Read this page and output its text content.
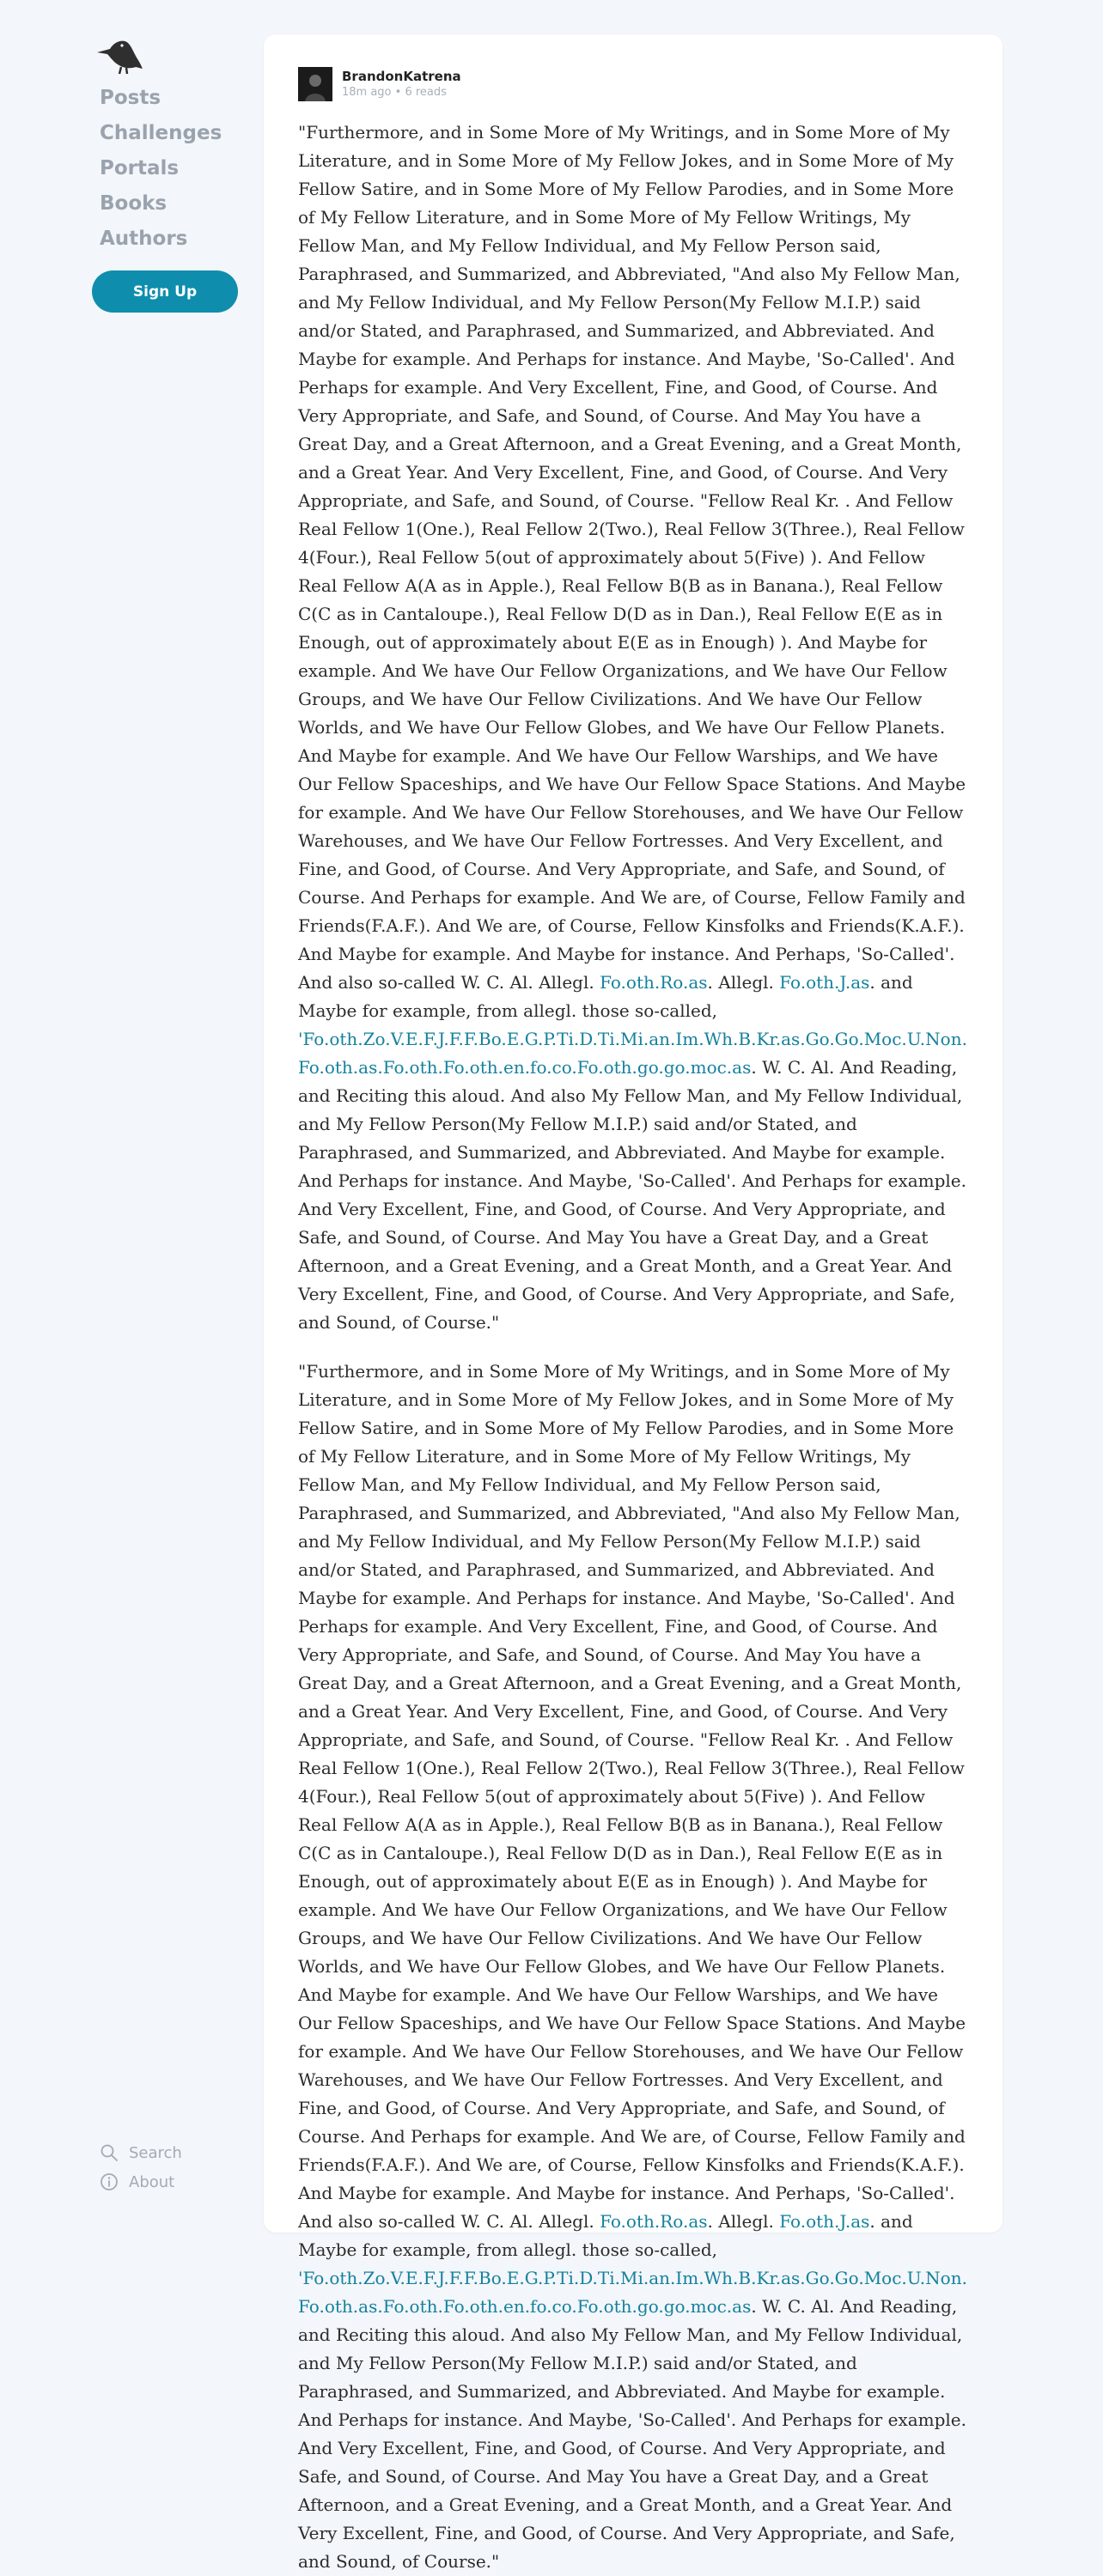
Posts
Challenges
Portals
Books
Authors
Sign Up
Search
About
BrandonKatrena
18m ago • 6 reads

"Furthermore, and in Some More of My Writings, and in Some More of My Literature, and in Some More of My Fellow Jokes, and in Some More of My Fellow Satire, and in Some More of My Fellow Parodies, and in Some More of My Fellow Literature, and in Some More of My Fellow Writings, My Fellow Man, and My Fellow Individual, and My Fellow Person said, Paraphrased, and Summarized, and Abbreviated, "And also My Fellow Man, and My Fellow Individual, and My Fellow Person(My Fellow M.I.P.) said and/or Stated, and Paraphrased, and Summarized, and Abbreviated. And Maybe for example. And Perhaps for instance. And Maybe, 'So-Called'. And Perhaps for example. And Very Excellent, Fine, and Good, of Course. And Very Appropriate, and Safe, and Sound, of Course. And May You have a Great Day, and a Great Afternoon, and a Great Evening, and a Great Month, and a Great Year. And Very Excellent, Fine, and Good, of Course. And Very Appropriate, and Safe, and Sound, of Course. "Fellow Real Kr. . And Fellow Real Fellow 1(One.), Real Fellow 2(Two.), Real Fellow 3(Three.), Real Fellow 4(Four.), Real Fellow 5(out of approximately about 5(Five) ). And Fellow Real Fellow A(A as in Apple.), Real Fellow B(B as in Banana.), Real Fellow C(C as in Cantaloupe.), Real Fellow D(D as in Dan.), Real Fellow E(E as in Enough, out of approximately about E(E as in Enough) ). And Maybe for example. And We have Our Fellow Organizations, and We have Our Fellow Groups, and We have Our Fellow Civilizations. And We have Our Fellow Worlds, and We have Our Fellow Globes, and We have Our Fellow Planets. And Maybe for example. And We have Our Fellow Warships, and We have Our Fellow Spaceships, and We have Our Fellow Space Stations. And Maybe for example. And We have Our Fellow Storehouses, and We have Our Fellow Warehouses, and We have Our Fellow Fortresses. And Very Excellent, and Fine, and Good, of Course. And Very Appropriate, and Safe, and Sound, of Course. And Perhaps for example. And We are, of Course, Fellow Family and Friends(F.A.F.). And We are, of Course, Fellow Kinsfolks and Friends(K.A.F.). And Maybe for example. And Maybe for instance. And Perhaps, 'So-Called'. And also so-called W. C. Al. Allegl. Fo.oth.Ro.as. Allegl. Fo.oth.J.as. and Maybe for example, from allegl. those so-called, 'Fo.oth.Zo.V.E.F.J.F.F.Bo.E.G.P.Ti.D.Ti.Mi.an.Im.Wh.B.Kr.as.Go.Go.Moc.U.Non.Fo.oth.as.Fo.oth.Fo.oth.en.fo.co.Fo.oth.go.go.moc.as. W. C. Al. And Reading, and Reciting this aloud. And also My Fellow Man, and My Fellow Individual, and My Fellow Person(My Fellow M.I.P.) said and/or Stated, and Paraphrased, and Summarized, and Abbreviated. And Maybe for example. And Perhaps for instance. And Maybe, 'So-Called'. And Perhaps for example. And Very Excellent, Fine, and Good, of Course. And Very Appropriate, and Safe, and Sound, of Course. And May You have a Great Day, and a Great Afternoon, and a Great Evening, and a Great Month, and a Great Year. And Very Excellent, Fine, and Good, of Course. And Very Appropriate, and Safe, and Sound, of Course."

"Furthermore, and in Some More of My Writings, and in Some More of My Literature, and in Some More of My Fellow Jokes, and in Some More of My Fellow Satire, and in Some More of My Fellow Parodies, and in Some More of My Fellow Literature, and in Some More of My Fellow Writings, My Fellow Man, and My Fellow Individual, and My Fellow Person said, Paraphrased, and Summarized, and Abbreviated, "And also My Fellow Man, and My Fellow Individual, and My Fellow Person(My Fellow M.I.P.) said and/or Stated, and Paraphrased, and Summarized, and Abbreviated. And Maybe for example. And Perhaps for instance. And Maybe, 'So-Called'. And Perhaps for example. And Very Excellent, Fine, and Good, of Course. And Very Appropriate, and Safe, and Sound, of Course. And May You have a Great Day, and a Great Afternoon, and a Great Evening, and a Great Month, and a Great Year. And Very Excellent, Fine, and Good, of Course. And Very Appropriate, and Safe, and Sound, of Course. "Fellow Real Kr. . And Fellow Real Fellow 1(One.), Real Fellow 2(Two.), Real Fellow 3(Three.), Real Fellow 4(Four.), Real Fellow 5(out of approximately about 5(Five) ). And Fellow Real Fellow A(A as in Apple.), Real Fellow B(B as in Banana.), Real Fellow C(C as in Cantaloupe.), Real Fellow D(D as in Dan.), Real Fellow E(E as in Enough, out of approximately about E(E as in Enough) ). And Maybe for example. And We have Our Fellow Organizations, and We have Our Fellow Groups, and We have Our Fellow Civilizations. And We have Our Fellow Worlds, and We have Our Fellow Globes, and We have Our Fellow Planets. And Maybe for example. And We have Our Fellow Warships, and We have Our Fellow Spaceships, and We have Our Fellow Space Stations. And Maybe for example. And We have Our Fellow Storehouses, and We have Our Fellow Warehouses, and We have Our Fellow Fortresses. And Very Excellent, and Fine, and Good, of Course. And Very Appropriate, and Safe, and Sound, of Course. And Perhaps for example. And We are, of Course, Fellow Family and Friends(F.A.F.). And We are, of Course, Fellow Kinsfolks and Friends(K.A.F.). And Maybe for example. And Maybe for instance. And Perhaps, 'So-Called'. And also so-called W. C. Al. Allegl. Fo.oth.Ro.as. Allegl. Fo.oth.J.as. and Maybe for example, from allegl. those so-called, 'Fo.oth.Zo.V.E.F.J.F.F.Bo.E.G.P.Ti.D.Ti.Mi.an.Im.Wh.B.Kr.as.Go.Go.Moc.U.Non.Fo.oth.as.Fo.oth.Fo.oth.en.fo.co.Fo.oth.go.go.moc.as. W. C. Al. And Reading, and Reciting this aloud. And also My Fellow Man, and My Fellow Individual, and My Fellow Person(My Fellow M.I.P.) said and/or Stated, and Paraphrased, and Summarized, and Abbreviated. And Maybe for example. And Perhaps for instance. And Maybe, 'So-Called'. And Perhaps for example. And Very Excellent, Fine, and Good, of Course. And Very Appropriate, and Safe, and Sound, of Course. And May You have a Great Day, and a Great Afternoon, and a Great Evening, and a Great Month, and a Great Year. And Very Excellent, Fine, and Good, of Course. And Very Appropriate, and Safe, and Sound, of Course."
